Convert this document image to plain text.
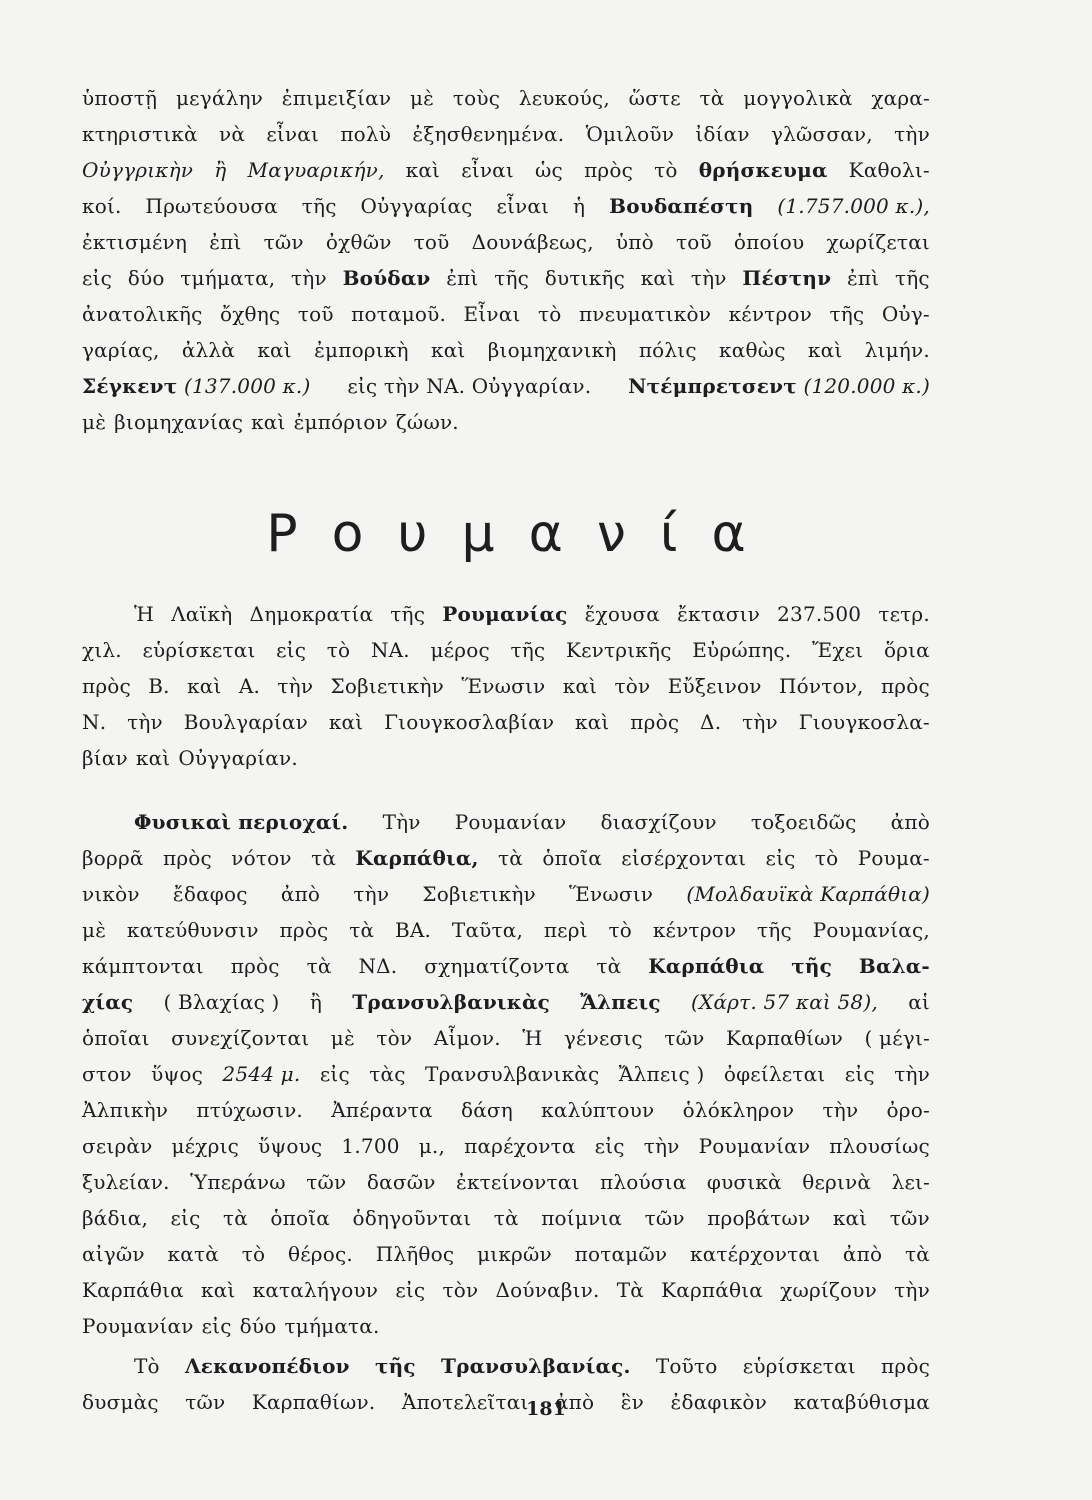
ὑποστῇ μεγάλην ἐπιμειξίαν μὲ τοὺς λευκούς, ὥστε τὰ μογγολικὰ χαρα-
κτηριστικὰ νὰ εἶναι πολὺ ἐξησθενημένα. Ὁμιλοῦν ἰδίαν γλῶσσαν, τὴν
Οὐγγρικὴν ἢ Μαγυαρικήν, καὶ εἶναι ὡς πρὸς τὸ θρήσκευμα Καθολι-
κοί. Πρωτεύουσα τῆς Οὐγγαρίας εἶναι ἡ Βουδαπέστη (1.757.000 κ.),
ἐκτισμένη ἐπὶ τῶν ὀχθῶν τοῦ Δουνάβεως, ὑπὸ τοῦ ὁποίου χωρίζεται
εἰς δύο τμήματα, τὴν Βούδαν ἐπὶ τῆς δυτικῆς καὶ τὴν Πέστην ἐπὶ τῆς
ἀνατολικῆς ὄχθης τοῦ ποταμοῦ. Εἶναι τὸ πνευματικὸν κέντρον τῆς Οὐγ-
γαρίας, ἀλλὰ καὶ ἐμπορικὴ καὶ βιομηχανικὴ πόλις καθὼς καὶ λιμήν.
Σέγκεντ (137.000 κ.) εἰς τὴν ΝΑ. Οὐγγαρίαν. Ντέμπρετσεντ (120.000 κ.)
μὲ βιομηχανίας καὶ ἐμπόριον ζώων.
Ρουμανία
Ἡ Λαϊκὴ Δημοκρατία τῆς Ρουμανίας ἔχουσα ἔκτασιν 237.500 τετρ.
χιλ. εὑρίσκεται εἰς τὸ ΝΑ. μέρος τῆς Κεντρικῆς Εὐρώπης. Ἔχει ὅρια
πρὸς Β. καὶ Α. τὴν Σοβιετικὴν Ἕνωσιν καὶ τὸν Εὔξεινον Πόντον, πρὸς
Ν. τὴν Βουλγαρίαν καὶ Γιουγκοσλαβίαν καὶ πρὸς Δ. τὴν Γιουγκοσλα-
βίαν καὶ Οὐγγαρίαν.
Φυσικαὶ περιοχαί. Τὴν Ρουμανίαν διασχίζουν τοξοειδῶς ἀπὸ
βορρᾶ πρὸς νότον τὰ Καρπάθια, τὰ ὁποῖα εἰσέρχονται εἰς τὸ Ρουμα-
νικὸν ἔδαφος ἀπὸ τὴν Σοβιετικὴν Ἕνωσιν (Μολδαυϊκὰ Καρπάθια)
μὲ κατεύθυνσιν πρὸς τὰ ΒΑ. Ταῦτα, περὶ τὸ κέντρον τῆς Ρουμανίας,
κάμπτονται πρὸς τὰ ΝΔ. σχηματίζοντα τὰ Καρπάθια τῆς Βαλα-
χίας ( Βλαχίας ) ἢ Τρανσυλβανικὰς Ἄλπεις (Χάρτ. 57 καὶ 58), αἱ
ὁποῖαι συνεχίζονται μὲ τὸν Αἷμον. Ἡ γένεσις τῶν Καρπαθίων ( μέγι-
στον ὕψος 2544 μ. εἰς τὰς Τρανσυλβανικὰς Ἄλπεις ) ὀφείλεται εἰς τὴν
Ἀλπικὴν πτύχωσιν. Ἀπέραντα δάση καλύπτουν ὁλόκληρον τὴν ὀρο-
σειρὰν μέχρις ὕψους 1.700 μ., παρέχοντα εἰς τὴν Ρουμανίαν πλουσίως
ξυλείαν. Ὑπεράνω τῶν δασῶν ἐκτείνονται πλούσια φυσικὰ θερινὰ λει-
βάδια, εἰς τὰ ὁποῖα ὁδηγοῦνται τὰ ποίμνια τῶν προβάτων καὶ τῶν
αἰγῶν κατὰ τὸ θέρος. Πλῆθος μικρῶν ποταμῶν κατέρχονται ἀπὸ τὰ
Καρπάθια καὶ καταλήγουν εἰς τὸν Δούναβιν. Τὰ Καρπάθια χωρίζουν τὴν
Ρουμανίαν εἰς δύο τμήματα.
Τὸ Λεκανοπέδιον τῆς Τρανσυλβανίας. Τοῦτο εὑρίσκεται πρὸς
δυσμὰς τῶν Καρπαθίων. Ἀποτελεῖται ἀπὸ ἓν ἐδαφικὸν καταβύθισμα
181
